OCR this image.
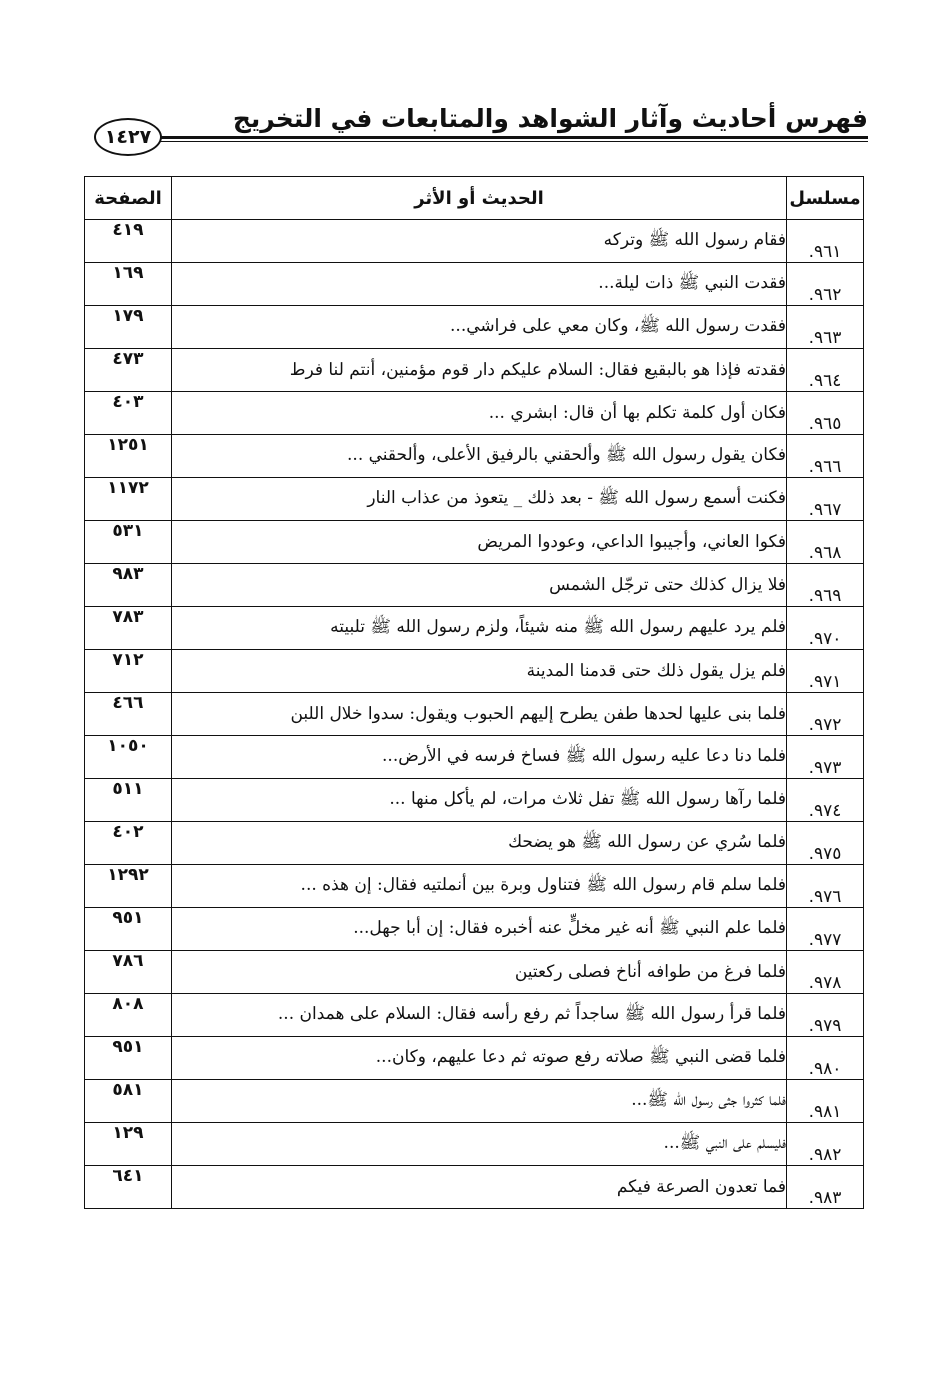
فهرس أحاديث وآثار الشواهد والمتابعات في التخريج
١٤٢٧
مسلسل	الحديث أو الأثر	الصفحة
٩٦١.	فقام رسول الله ﷺ وتركه	٤١٩
٩٦٢.	فقدت النبي ﷺ ذات ليلة...	١٦٩
٩٦٣.	فقدت رسول الله ﷺ، وكان معي على فراشي...	١٧٩
٩٦٤.	فقدته فإذا هو بالبقيع فقال: السلام عليكم دار قوم مؤمنين، أنتم لنا فرط	٤٧٣
٩٦٥.	فكان أول كلمة تكلم بها أن قال: ابشري ...	٤٠٣
٩٦٦.	فكان يقول رسول الله ﷺ وألحقني بالرفيق الأعلى، وألحقني ...	١٢٥١
٩٦٧.	فكنت أسمع رسول الله ﷺ - بعد ذلك _ يتعوذ من عذاب النار	١١٧٢
٩٦٨.	فكوا العاني، وأجيبوا الداعي، وعودوا المريض	٥٣١
٩٦٩.	فلا يزال كذلك حتى ترجّل الشمس	٩٨٣
٩٧٠.	فلم يرد عليهم رسول الله ﷺ منه شيئاً، ولزم رسول الله ﷺ تلبيته	٧٨٣
٩٧١.	فلم يزل يقول ذلك حتى قدمنا المدينة	٧١٢
٩٧٢.	فلما بنى عليها لحدها طفن يطرح إليهم الحبوب ويقول: سدوا خلال اللبن	٤٦٦
٩٧٣.	فلما دنا دعا عليه رسول الله ﷺ فساخ فرسه في الأرض...	١٠٥٠
٩٧٤.	فلما رآها رسول الله ﷺ تفل ثلاث مرات، لم يأكل منها ...	٥١١
٩٧٥.	فلما سُري عن رسول الله ﷺ هو يضحك	٤٠٢
٩٧٦.	فلما سلم قام رسول الله ﷺ فتناول وبرة بين أنملتيه فقال: إن هذه ...	١٢٩٢
٩٧٧.	فلما علم النبي ﷺ أنه غير مخلٍّ عنه أخبره فقال: إن أبا جهل...	٩٥١
٩٧٨.	فلما فرغ من طوافه أناخ فصلى ركعتين	٧٨٦
٩٧٩.	فلما قرأ رسول الله ﷺ ساجداً ثم رفع رأسه فقال: السلام على همدان ...	٨٠٨
٩٨٠.	فلما قضى النبي ﷺ صلاته رفع صوته ثم دعا عليهم، وكان...	٩٥١
٩٨١.	فلما كثروا جثى رسول الله ﷺ...	٥٨١
٩٨٢.	فليسلم على النبي ﷺ...	١٢٩
٩٨٣.	فما تعدون الصرعة فيكم	٦٤١
